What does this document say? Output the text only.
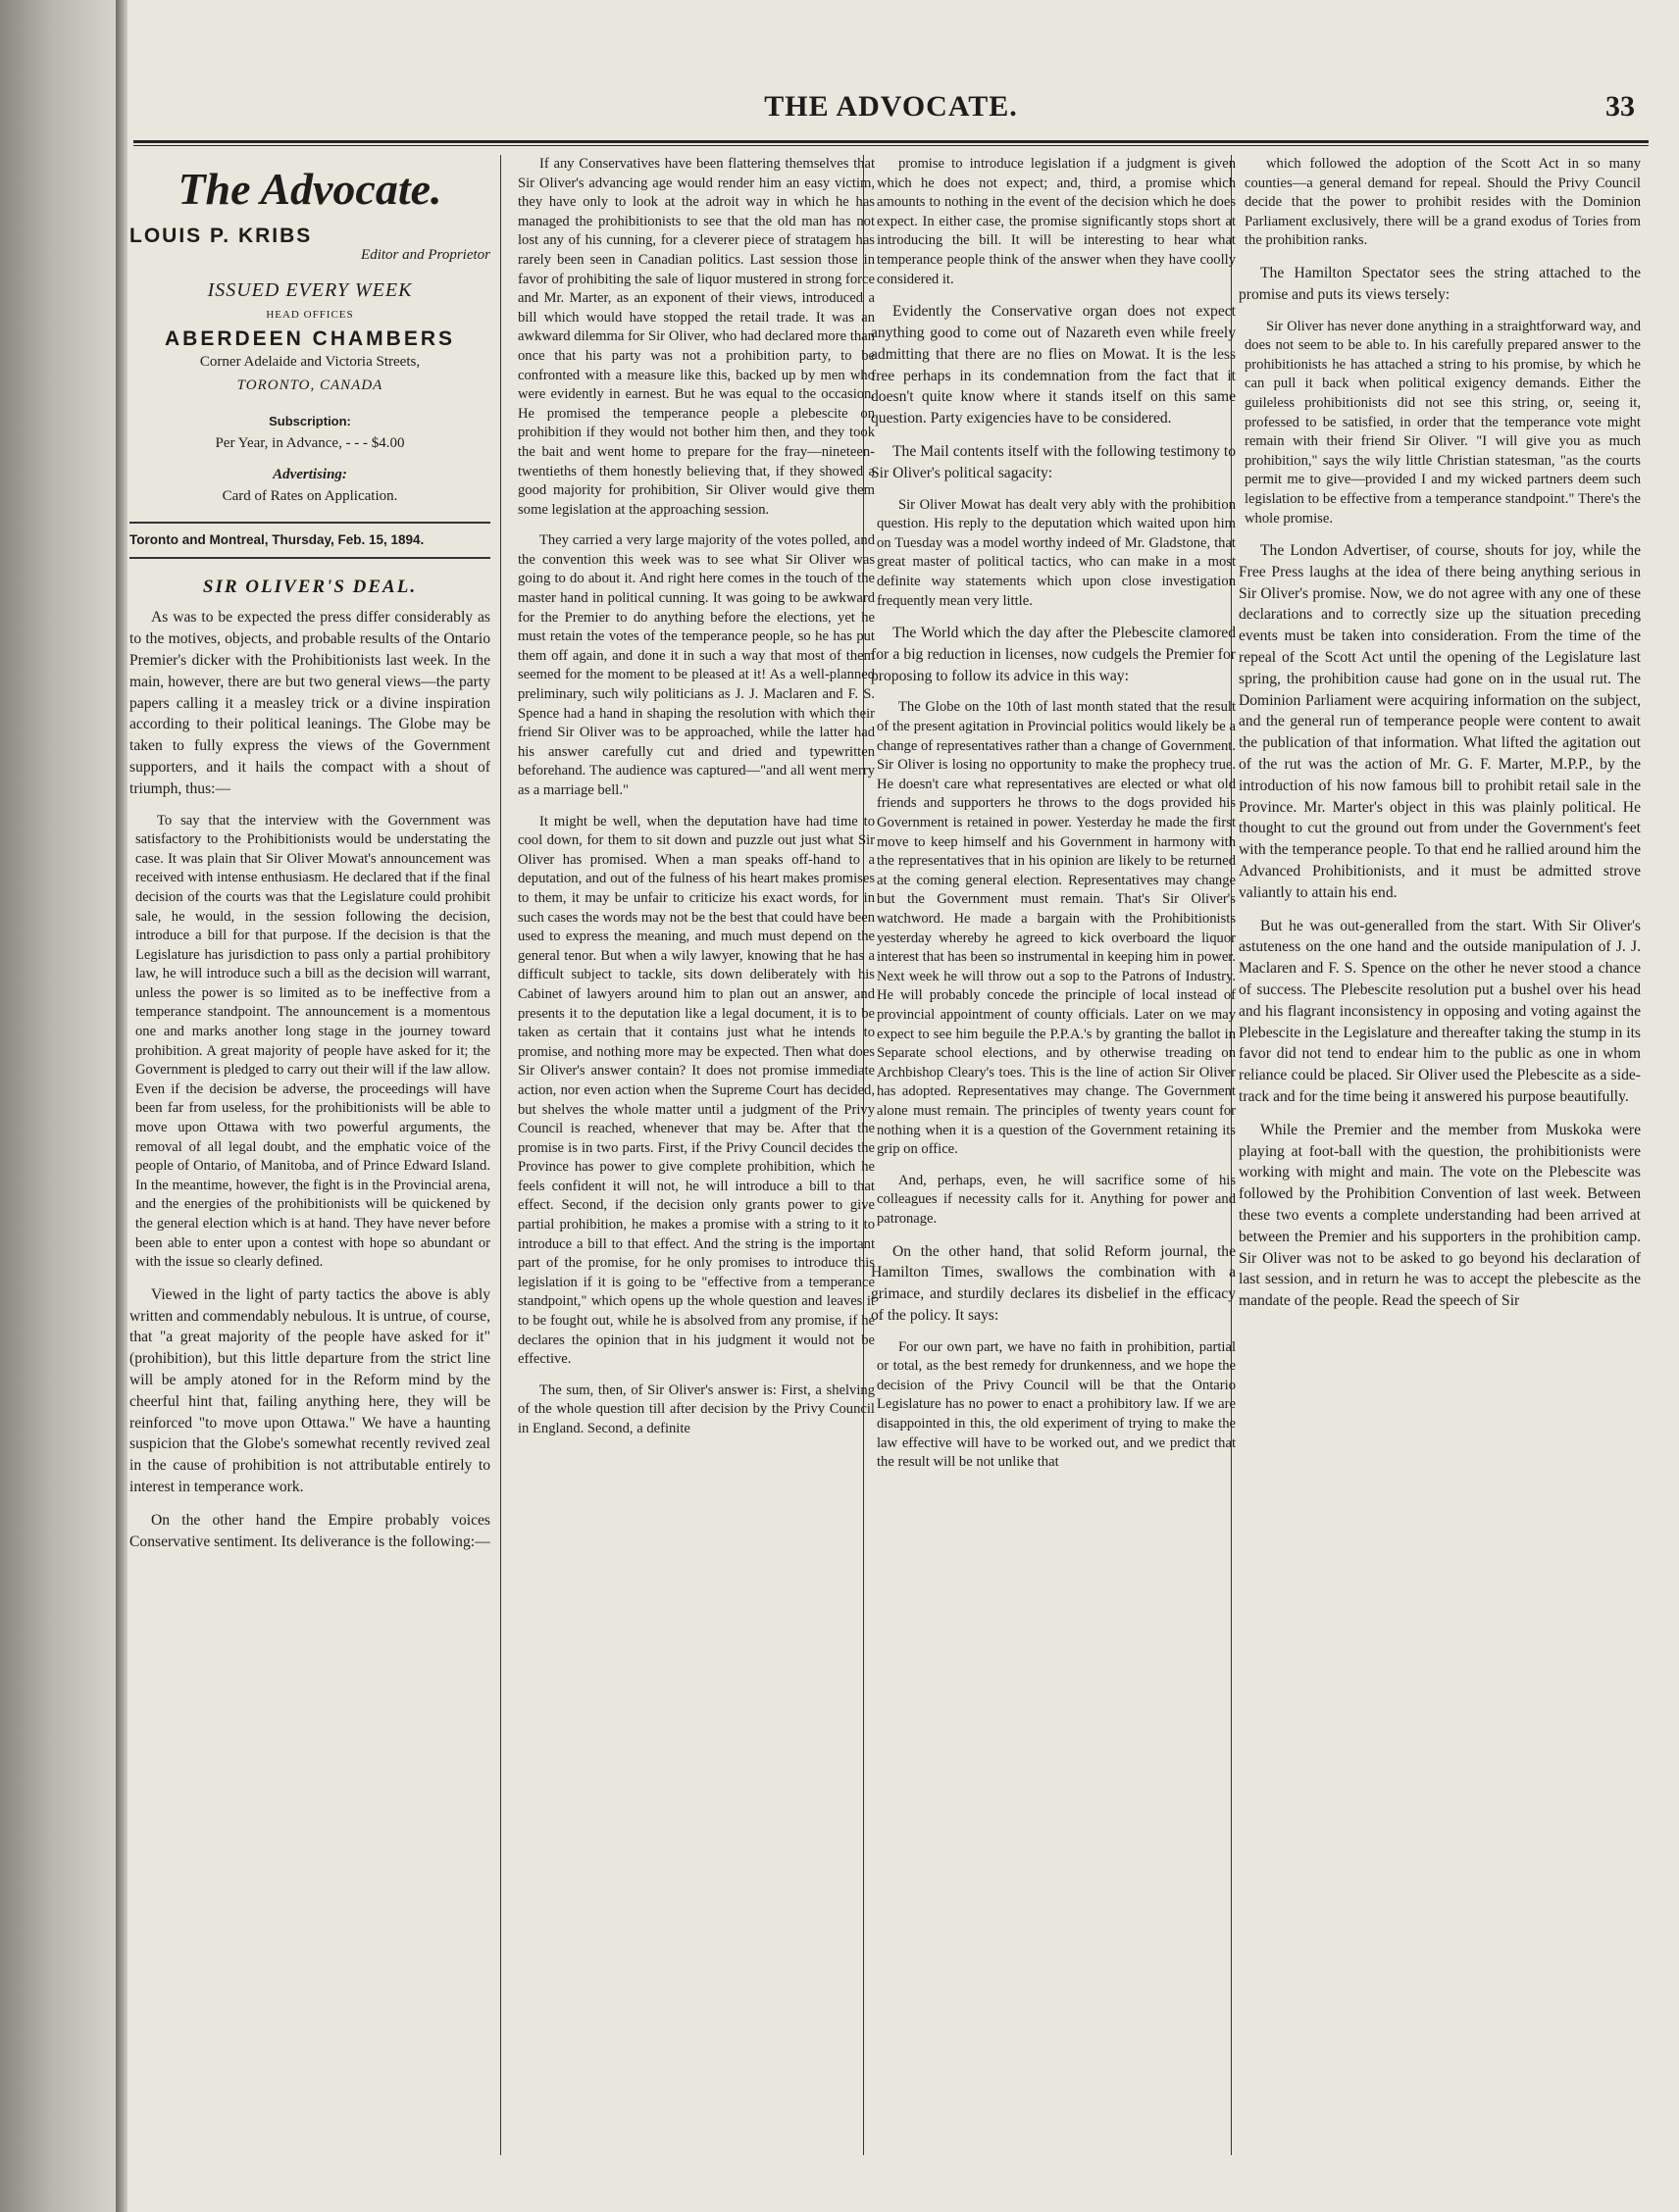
THE ADVOCATE.	33
The Advocate.
LOUIS P. KRIBS
Editor and Proprietor
ISSUED EVERY WEEK
HEAD OFFICES
ABERDEEN CHAMBERS
Corner Adelaide and Victoria Streets,
TORONTO, CANADA
Subscription:
Per Year, in Advance, - - - $4.00
Advertising:
Card of Rates on Application.
Toronto and Montreal, Thursday, Feb. 15, 1894.
SIR OLIVER'S DEAL.

As was to be expected the press differ considerably as to the motives, objects, and probable results of the Ontario Premier's dicker with the Prohibitionists last week. In the main, however, there are but two general views—the party papers calling it a measley trick or a divine inspiration according to their political leanings. The Globe may be taken to fully express the views of the Government supporters, and it hails the compact with a shout of triumph, thus:—

To say that the interview with the Government was satisfactory to the Prohibitionists would be understating the case. It was plain that Sir Oliver Mowat's announcement was received with intense enthusiasm. He declared that if the final decision of the courts was that the Legislature could prohibit sale, he would, in the session following the decision, introduce a bill for that purpose. If the decision is that the Legislature has jurisdiction to pass only a partial prohibitory law, he will introduce such a bill as the decision will warrant, unless the power is so limited as to be ineffective from a temperance standpoint. The announcement is a momentous one and marks another long stage in the journey toward prohibition. A great majority of people have asked for it; the Government is pledged to carry out their will if the law allow. Even if the decision be adverse, the proceedings will have been far from useless, for the prohibitionists will be able to move upon Ottawa with two powerful arguments, the removal of all legal doubt, and the emphatic voice of the people of Ontario, of Manitoba, and of Prince Edward Island. In the meantime, however, the fight is in the Provincial arena, and the energies of the prohibitionists will be quickened by the general election which is at hand. They have never before been able to enter upon a contest with hope so abundant or with the issue so clearly defined.

Viewed in the light of party tactics the above is ably written and commendably nebulous. It is untrue, of course, that "a great majority of the people have asked for it" (prohibition), but this little departure from the strict line will be amply atoned for in the Reform mind by the cheerful hint that, failing anything here, they will be reinforced "to move upon Ottawa." We have a haunting suspicion that the Globe's somewhat recently revived zeal in the cause of prohibition is not attributable entirely to interest in temperance work.

On the other hand the Empire probably voices Conservative sentiment. Its deliverance is the following:—

If any Conservatives have been flattering themselves that Sir Oliver's advancing age would render him an easy victim, they have only to look at the adroit way in which he has managed the prohibitionists to see that the old man has not lost any of his cunning, for a cleverer piece of stratagem has rarely been seen in Canadian politics. Last session those in favor of prohibiting the sale of liquor mustered in strong force and Mr. Marter, as an exponent of their views, introduced a bill which would have stopped the retail trade. It was an awkward dilemma for Sir Oliver, who had declared more than once that his party was not a prohibition party, to be confronted with a measure like this, backed up by men who were evidently in earnest. But he was equal to the occasion. He promised the temperance people a plebescite on prohibition if they would not bother him then, and they took the bait and went home to prepare for the fray—nineteen-twentieths of them honestly believing that, if they showed a good majority for prohibition, Sir Oliver would give them some legislation at the approaching session.

They carried a very large majority of the votes polled, and the convention this week was to see what Sir Oliver was going to do about it. And right here comes in the touch of the master hand in political cunning. It was going to be awkward for the Premier to do anything before the elections, yet he must retain the votes of the temperance people, so he has put them off again, and done it in such a way that most of them seemed for the moment to be pleased at it! As a well-planned preliminary, such wily politicians as J. J. Maclaren and F. S. Spence had a hand in shaping the resolution with which their friend Sir Oliver was to be approached, while the latter had his answer carefully cut and dried and typewritten beforehand. The audience was captured—"and all went merry as a marriage bell."

It might be well, when the deputation have had time to cool down, for them to sit down and puzzle out just what Sir Oliver has promised. When a man speaks off-hand to a deputation, and out of the fulness of his heart makes promises to them, it may be unfair to criticize his exact words, for in such cases the words may not be the best that could have been used to express the meaning, and much must depend on the general tenor. But when a wily lawyer, knowing that he has a difficult subject to tackle, sits down deliberately with his Cabinet of lawyers around him to plan out an answer, and presents it to the deputation like a legal document, it is to be taken as certain that it contains just what he intends to promise, and nothing more may be expected. Then what does Sir Oliver's answer contain? It does not promise immediate action, nor even action when the Supreme Court has decided, but shelves the whole matter until a judgment of the Privy Council is reached, whenever that may be. After that the promise is in two parts. First, if the Privy Council decides the Province has power to give complete prohibition, which he feels confident it will not, he will introduce a bill to that effect. Second, if the decision only grants power to give partial prohibition, he makes a promise with a string to it to introduce a bill to that effect. And the string is the important part of the promise, for he only promises to introduce this legislation if it is going to be "effective from a temperance standpoint," which opens up the whole question and leaves it to be fought out, while he is absolved from any promise, if he declares the opinion that in his judgment it would not be effective.

The sum, then, of Sir Oliver's answer is: First, a shelving of the whole question till after decision by the Privy Council in England. Second, a definite

promise to introduce legislation if a judgment is given which he does not expect; and, third, a promise which amounts to nothing in the event of the decision which he does expect. In either case, the promise significantly stops short at introducing the bill. It will be interesting to hear what temperance people think of the answer when they have coolly considered it.

Evidently the Conservative organ does not expect anything good to come out of Nazareth even while freely admitting that there are no flies on Mowat. It is the less free perhaps in its condemnation from the fact that it doesn't quite know where it stands itself on this same question. Party exigencies have to be considered.

The Mail contents itself with the following testimony to Sir Oliver's political sagacity:

Sir Oliver Mowat has dealt very ably with the prohibition question. His reply to the deputation which waited upon him on Tuesday was a model worthy indeed of Mr. Gladstone, that great master of political tactics, who can make in a most definite way statements which upon close investigation frequently mean very little.

The World which the day after the Plebescite clamored for a big reduction in licenses, now cudgels the Premier for proposing to follow its advice in this way:

The Globe on the 10th of last month stated that the result of the present agitation in Provincial politics would likely be a change of representatives rather than a change of Government. Sir Oliver is losing no opportunity to make the prophecy true. He doesn't care what representatives are elected or what old friends and supporters he throws to the dogs provided his Government is retained in power. Yesterday he made the first move to keep himself and his Government in harmony with the representatives that in his opinion are likely to be returned at the coming general election. Representatives may change but the Government must remain. That's Sir Oliver's watchword. He made a bargain with the Prohibitionists yesterday whereby he agreed to kick overboard the liquor interest that has been so instrumental in keeping him in power. Next week he will throw out a sop to the Patrons of Industry. He will probably concede the principle of local instead of provincial appointment of county officials. Later on we may expect to see him beguile the P.P.A.'s by granting the ballot in Separate school elections, and by otherwise treading on Archbishop Cleary's toes. This is the line of action Sir Oliver has adopted. Representatives may change. The Government alone must remain. The principles of twenty years count for nothing when it is a question of the Government retaining its grip on office.

And, perhaps, even, he will sacrifice some of his colleagues if necessity calls for it. Anything for power and patronage.

On the other hand, that solid Reform journal, the Hamilton Times, swallows the combination with a grimace, and sturdily declares its disbelief in the efficacy of the policy. It says:

For our own part, we have no faith in prohibition, partial or total, as the best remedy for drunkenness, and we hope the decision of the Privy Council will be that the Ontario Legislature has no power to enact a prohibitory law. If we are disappointed in this, the old experiment of trying to make the law effective will have to be worked out, and we predict that the result will be not unlike that

which followed the adoption of the Scott Act in so many counties—a general demand for repeal. Should the Privy Council decide that the power to prohibit resides with the Dominion Parliament exclusively, there will be a grand exodus of Tories from the prohibition ranks.

The Hamilton Spectator sees the string attached to the promise and puts its views tersely:

Sir Oliver has never done anything in a straightforward way, and does not seem to be able to. In his carefully prepared answer to the prohibitionists he has attached a string to his promise, by which he can pull it back when political exigency demands. Either the guileless prohibitionists did not see this string, or, seeing it, professed to be satisfied, in order that the temperance vote might remain with their friend Sir Oliver. "I will give you as much prohibition," says the wily little Christian statesman, "as the courts permit me to give—provided I and my wicked partners deem such legislation to be effective from a temperance standpoint." There's the whole promise.

The London Advertiser, of course, shouts for joy, while the Free Press laughs at the idea of there being anything serious in Sir Oliver's promise. Now, we do not agree with any one of these declarations and to correctly size up the situation preceding events must be taken into consideration. From the time of the repeal of the Scott Act until the opening of the Legislature last spring, the prohibition cause had gone on in the usual rut. The Dominion Parliament were acquiring information on the subject, and the general run of temperance people were content to await the publication of that information. What lifted the agitation out of the rut was the action of Mr. G. F. Marter, M.P.P., by the introduction of his now famous bill to prohibit retail sale in the Province. Mr. Marter's object in this was plainly political. He thought to cut the ground out from under the Government's feet with the temperance people. To that end he rallied around him the Advanced Prohibitionists, and it must be admitted strove valiantly to attain his end.

But he was out-generalled from the start. With Sir Oliver's astuteness on the one hand and the outside manipulation of J. J. Maclaren and F. S. Spence on the other he never stood a chance of success. The Plebescite resolution put a bushel over his head and his flagrant inconsistency in opposing and voting against the Plebescite in the Legislature and thereafter taking the stump in its favor did not tend to endear him to the public as one in whom reliance could be placed. Sir Oliver used the Plebescite as a side-track and for the time being it answered his purpose beautifully.

While the Premier and the member from Muskoka were playing at foot-ball with the question, the prohibitionists were working with might and main. The vote on the Plebescite was followed by the Prohibition Convention of last week. Between these two events a complete understanding had been arrived at between the Premier and his supporters in the prohibition camp. Sir Oliver was not to be asked to go beyond his declaration of last session, and in return he was to accept the plebescite as the mandate of the people. Read the speech of Sir
